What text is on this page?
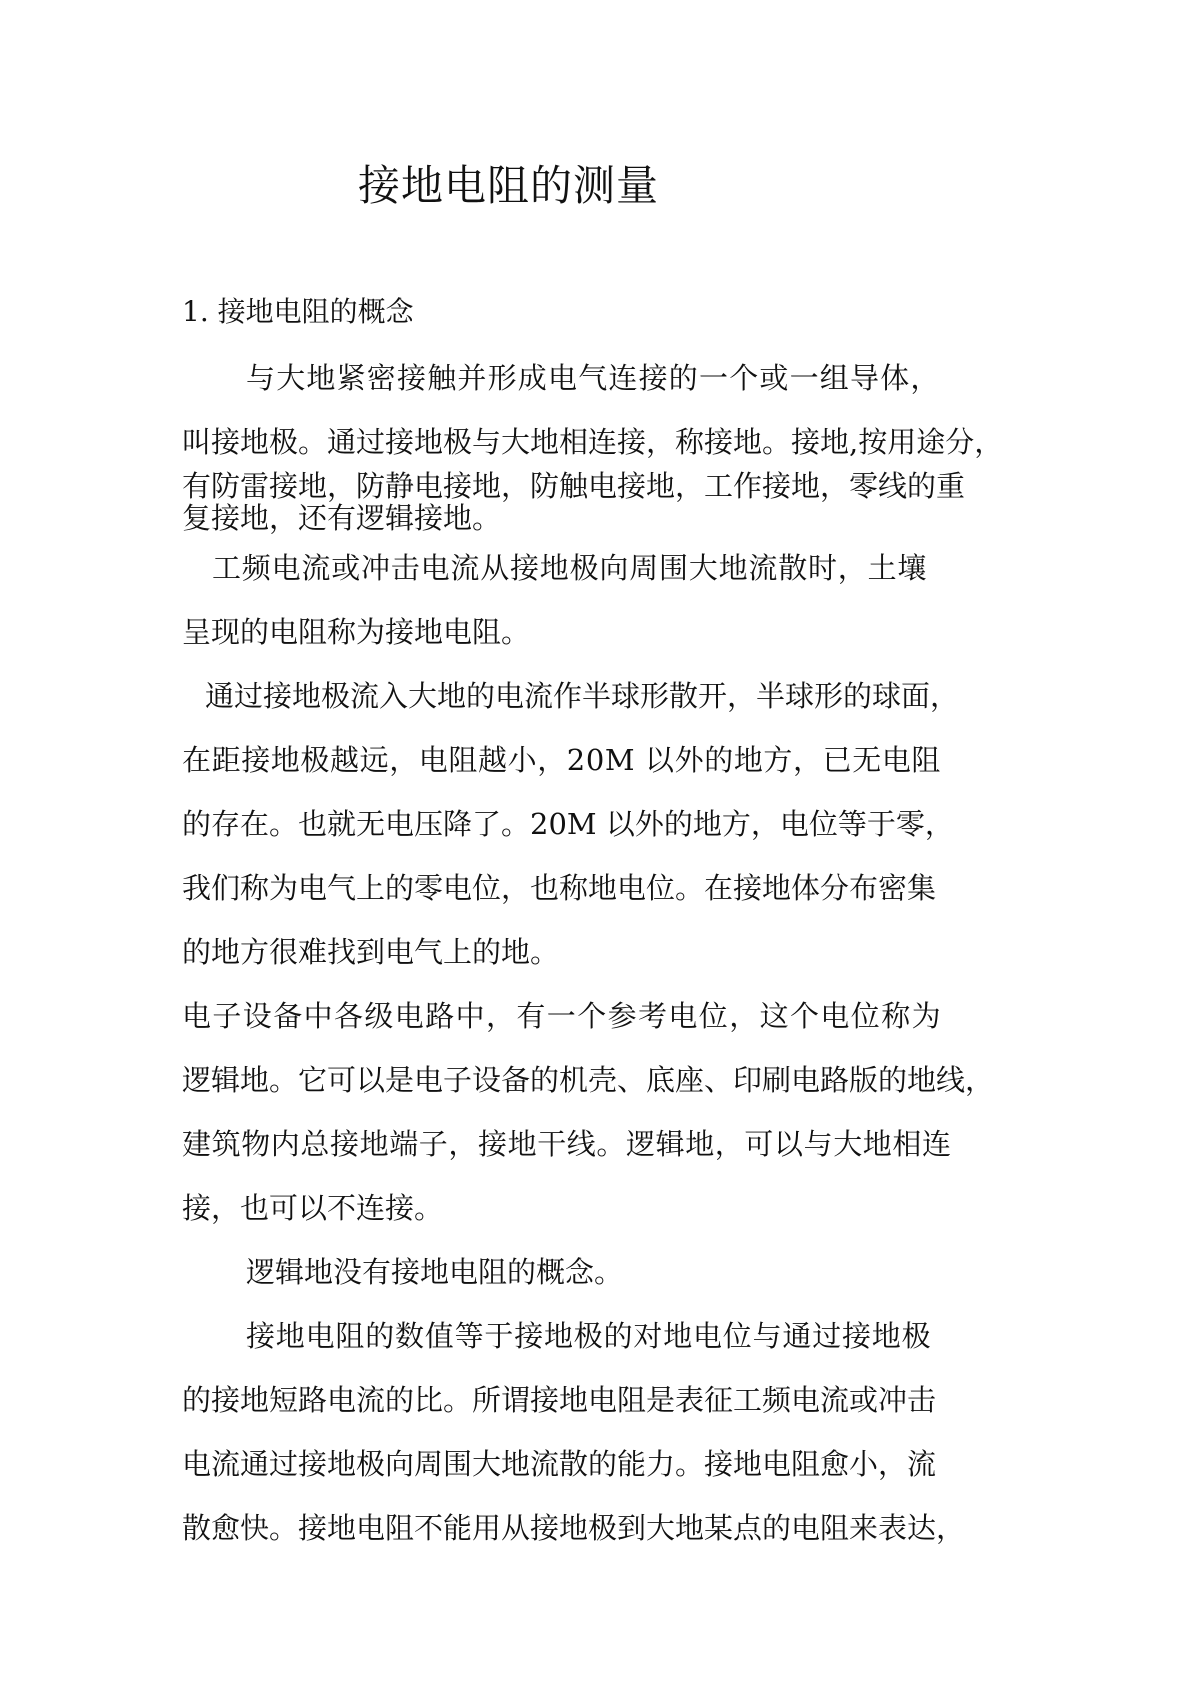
接地电阻的测量
1. 接地电阻的概念
与大地紧密接触并形成电气连接的一个或一组导体，
叫接地极。通过接地极与大地相连接，称接地。接地,按用途分，
有防雷接地，防静电接地，防触电接地，工作接地，零线的重
复接地，还有逻辑接地。
工频电流或冲击电流从接地极向周围大地流散时，土壤
呈现的电阻称为接地电阻。
通过接地极流入大地的电流作半球形散开，半球形的球面，
在距接地极越远，电阻越小，20M 以外的地方，已无电阻
的存在。也就无电压降了。20M 以外的地方，电位等于零，
我们称为电气上的零电位，也称地电位。在接地体分布密集
的地方很难找到电气上的地。
电子设备中各级电路中，有一个参考电位，这个电位称为
逻辑地。它可以是电子设备的机壳、底座、印刷电路版的地线，
建筑物内总接地端子，接地干线。逻辑地，可以与大地相连
接，也可以不连接。
逻辑地没有接地电阻的概念。
接地电阻的数值等于接地极的对地电位与通过接地极
的接地短路电流的比。所谓接地电阻是表征工频电流或冲击
电流通过接地极向周围大地流散的能力。接地电阻愈小，流
散愈快。接地电阻不能用从接地极到大地某点的电阻来表达，
